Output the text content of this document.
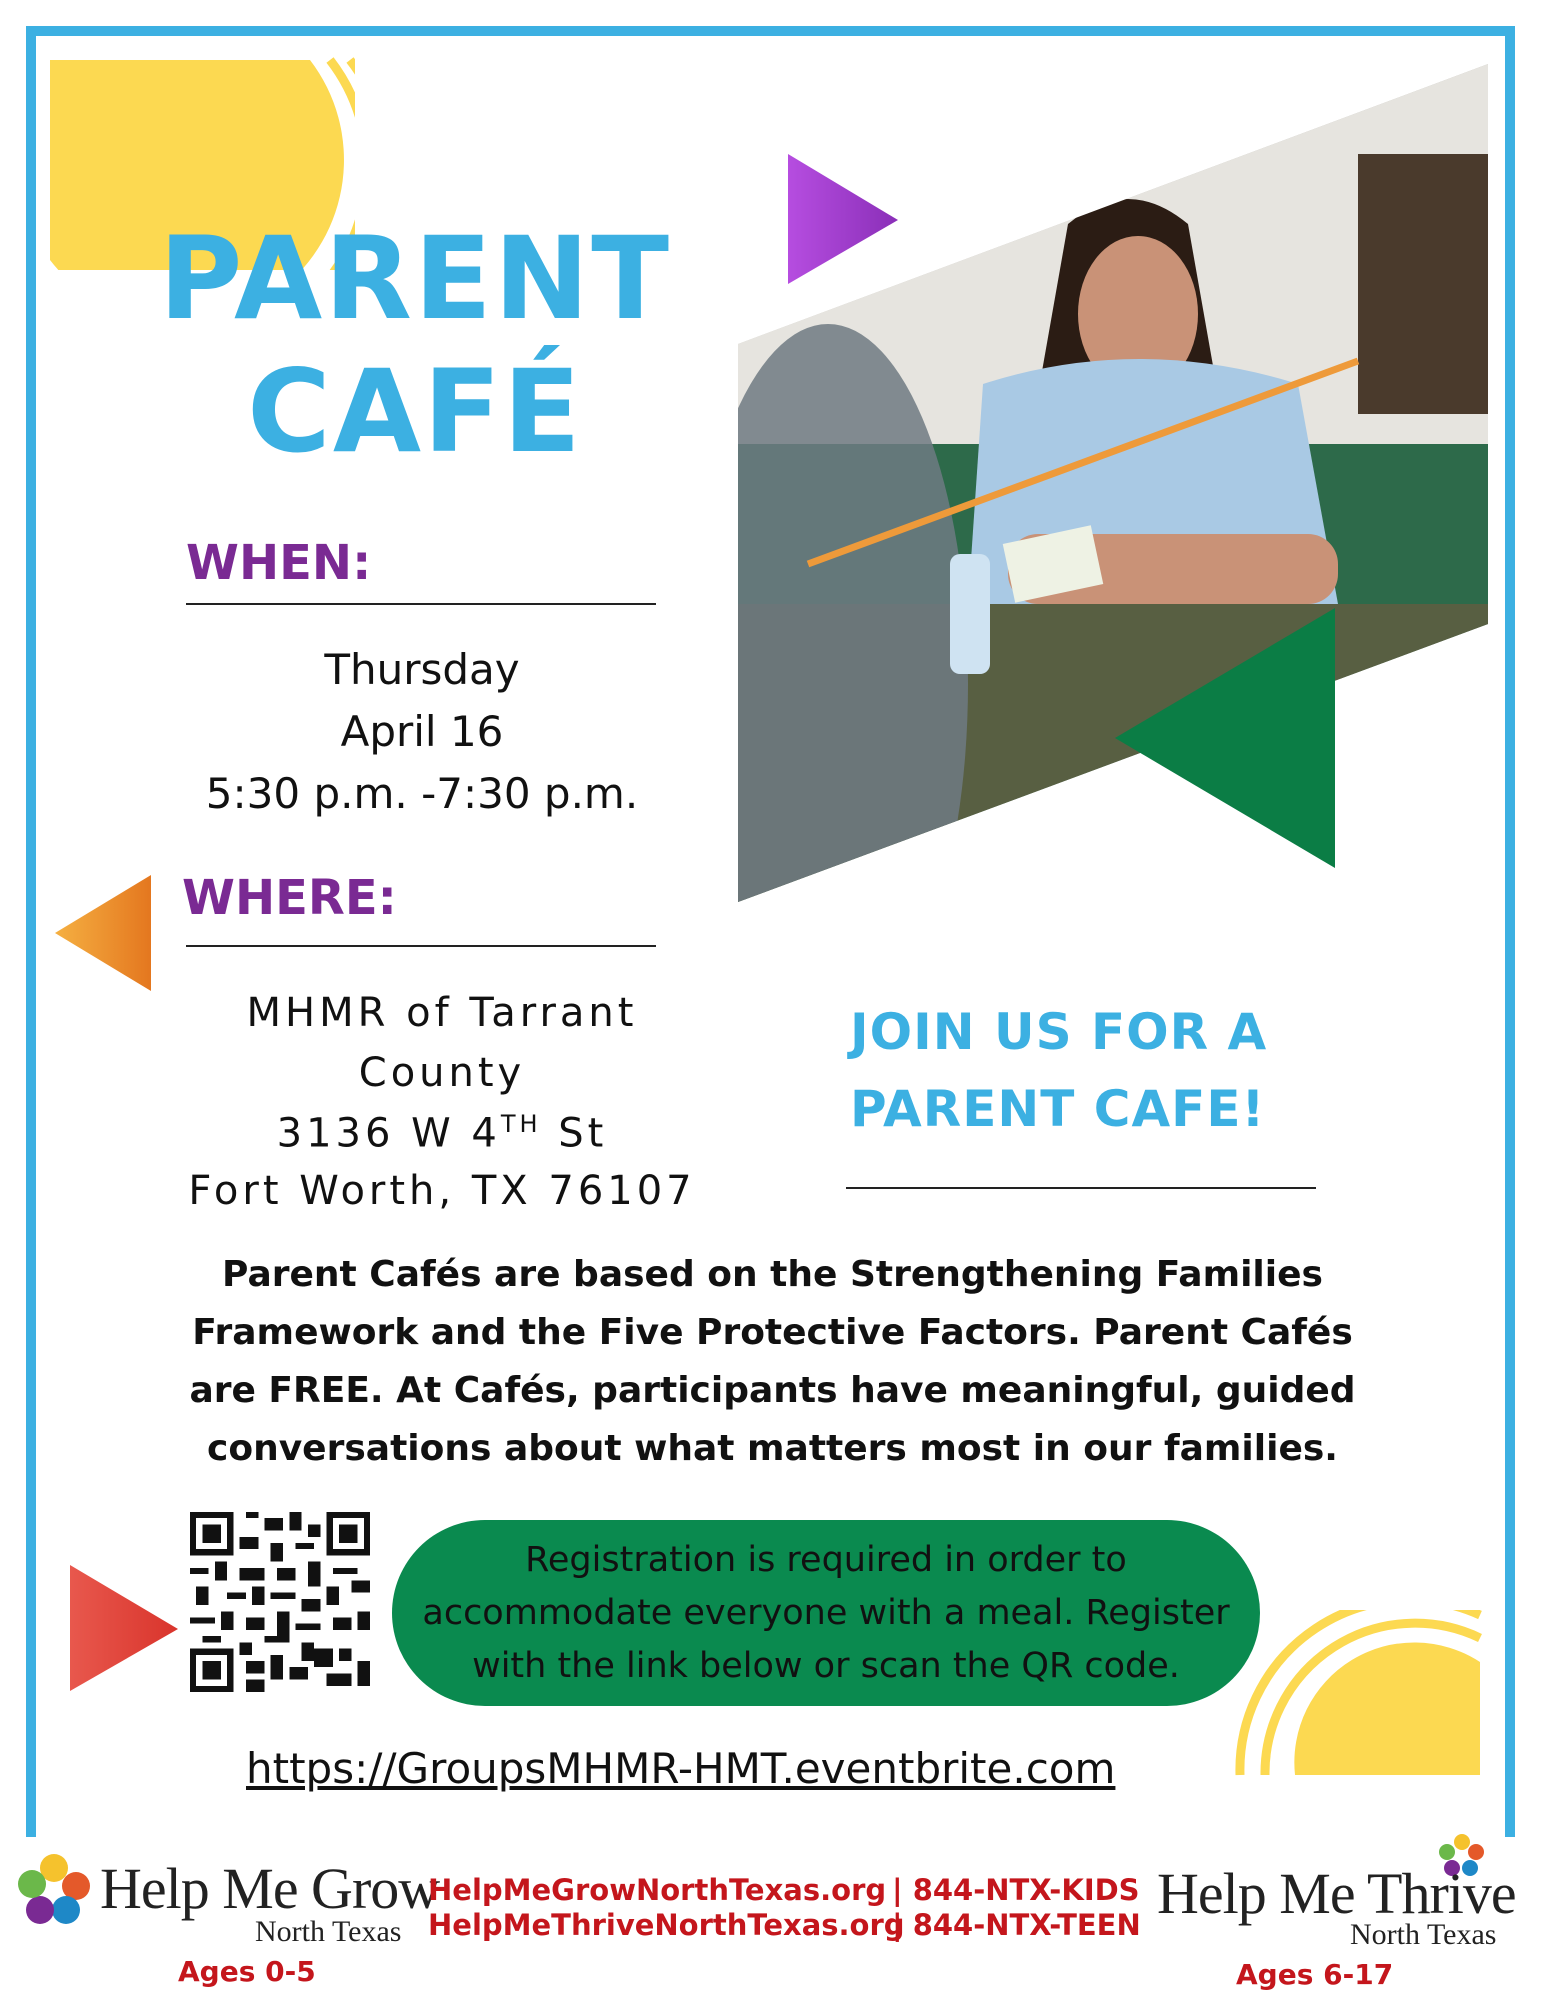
PARENT
CAFÉ
WHEN:
Thursday
April 16
5:30 p.m. -7:30 p.m.
WHERE:
MHMR of Tarrant
County
3136 W 4TH St
Fort Worth, TX 76107
JOIN US FOR A
PARENT CAFE!
Parent Cafés are based on the Strengthening Families
Framework and the Five Protective Factors. Parent Cafés
are FREE. At Cafés, participants have meaningful, guided
conversations about what matters most in our families.
Registration is required in order to
accommodate everyone with a meal. Register
with the link below or scan the QR code.
https://GroupsMHMR-HMT.eventbrite.com
Help Me Grow
North Texas
Ages 0-5
HelpMeGrowNorthTexas.org
HelpMeThriveNorthTexas.org
| 844-NTX-KIDS
| 844-NTX-TEEN Help Me Thrive
North Texas
Ages 6-17
